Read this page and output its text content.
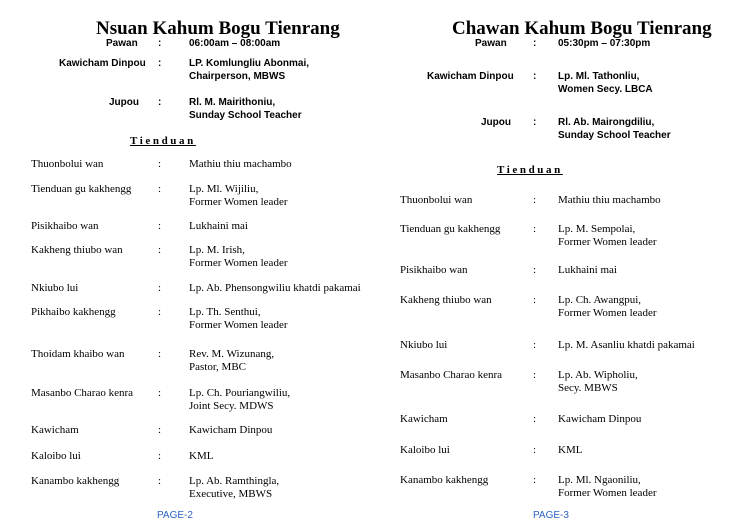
Nsuan Kahum Bogu Tienrang
Pawan :	06:00am – 08:00am
Kawicham Dinpou :	LP. Komlungliu Abonmai,
Chairperson, MBWS
Jupou :	Rl. M. Mairithoniu,
Sunday School Teacher
Tienduan
Thuonbolui wan	:	Mathiu thiu machambo
Tienduan gu kakhengg :	Lp. Ml. Wijiliu,
Former Women leader
Pisikhaibo wan	:	Lukhaini mai
Kakheng thiubo wan	:	Lp. M. Irish,
Former Women leader
Nkiubo lui	:	Lp. Ab. Phensongwiliu khatdi pakamai
Pikhaibo kakhengg	:	Lp. Th. Senthui,
Former Women leader
Thoidam khaibo wan	:	Rev. M. Wizunang,
Pastor, MBC
Masanbo Charao kenra :	Lp. Ch. Pouriangwiliu,
Joint Secy. MDWS
Kawicham	:	Kawicham Dinpou
Kaloibo lui	:	KML
Kanambo kakhengg	:	Lp. Ab. Ramthingla,
Executive, MBWS
PAGE-2
Chawan Kahum Bogu Tienrang
Pawan	: 05:30pm – 07:30pm
Kawicham Dinpou : Lp. Ml. Tathonliu,
Women Secy. LBCA
Jupou : Rl. Ab. Mairongdiliu,
Sunday School Teacher
Tienduan
Thuonbolui wan	: Mathiu thiu machambo
Tienduan gu kakhengg	: Lp. M. Sempolai,
Former Women leader
Pisikhaibo wan	: Lukhaini mai
Kakheng thiubo wan	: Lp. Ch. Awangpui,
Former Women leader
Nkiubo lui	: Lp. M. Asanliu khatdi pakamai
Masanbo Charao kenra	: Lp. Ab. Wipholiu,
Secy. MBWS
Kawicham	: Kawicham Dinpou
Kaloibo lui	: KML
Kanambo kakhengg	: Lp. Ml. Ngaoniliu,
Former Women leader
PAGE-3
